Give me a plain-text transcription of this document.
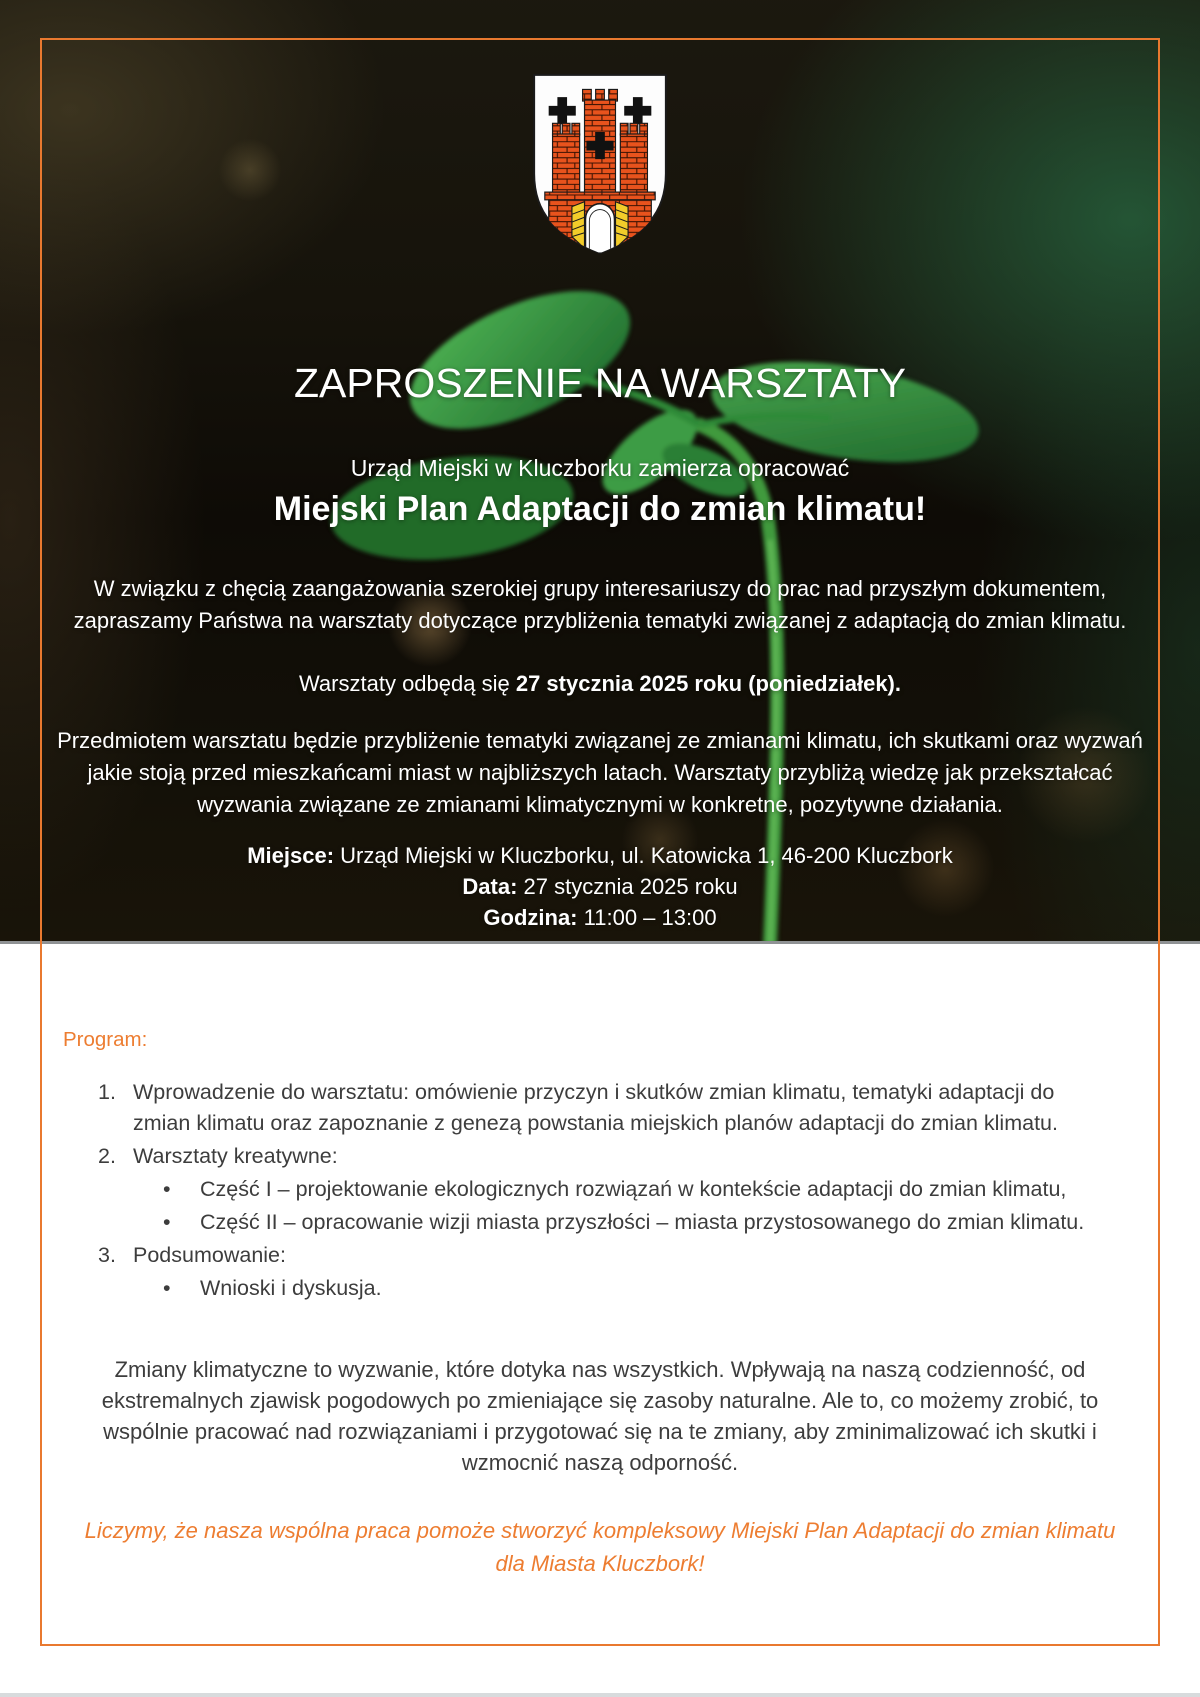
ZAPROSZENIE NA WARSZTATY
Urząd Miejski w Kluczborku zamierza opracować
Miejski Plan Adaptacji do zmian klimatu!

W związku z chęcią zaangażowania szerokiej grupy interesariuszy do prac nad przyszłym dokumentem, zapraszamy Państwa na warsztaty dotyczące przybliżenia tematyki związanej z adaptacją do zmian klimatu.

Warsztaty odbędą się 27 stycznia 2025 roku (poniedziałek).

Przedmiotem warsztatu będzie przybliżenie tematyki związanej ze zmianami klimatu, ich skutkami oraz wyzwań jakie stoją przed mieszkańcami miast w najbliższych latach. Warsztaty przybliżą wiedzę jak przekształcać wyzwania związane ze zmianami klimatycznymi w konkretne, pozytywne działania.

Miejsce: Urząd Miejski w Kluczborku, ul. Katowicka 1, 46-200 Kluczbork
Data: 27 stycznia 2025 roku
Godzina: 11:00 – 13:00
Program:
1. Wprowadzenie do warsztatu: omówienie przyczyn i skutków zmian klimatu, tematyki adaptacji do zmian klimatu oraz zapoznanie z genezą powstania miejskich planów adaptacji do zmian klimatu.
2. Warsztaty kreatywne:
•	Część I – projektowanie ekologicznych rozwiązań w kontekście adaptacji do zmian klimatu,
•	Część II – opracowanie wizji miasta przyszłości – miasta przystosowanego do zmian klimatu.
3. Podsumowanie:
•	Wnioski i dyskusja.

Zmiany klimatyczne to wyzwanie, które dotyka nas wszystkich. Wpływają na naszą codzienność, od ekstremalnych zjawisk pogodowych po zmieniające się zasoby naturalne. Ale to, co możemy zrobić, to wspólnie pracować nad rozwiązaniami i przygotować się na te zmiany, aby zminimalizować ich skutki i wzmocnić naszą odporność.

Liczymy, że nasza wspólna praca pomoże stworzyć kompleksowy Miejski Plan Adaptacji do zmian klimatu dla Miasta Kluczbork!
